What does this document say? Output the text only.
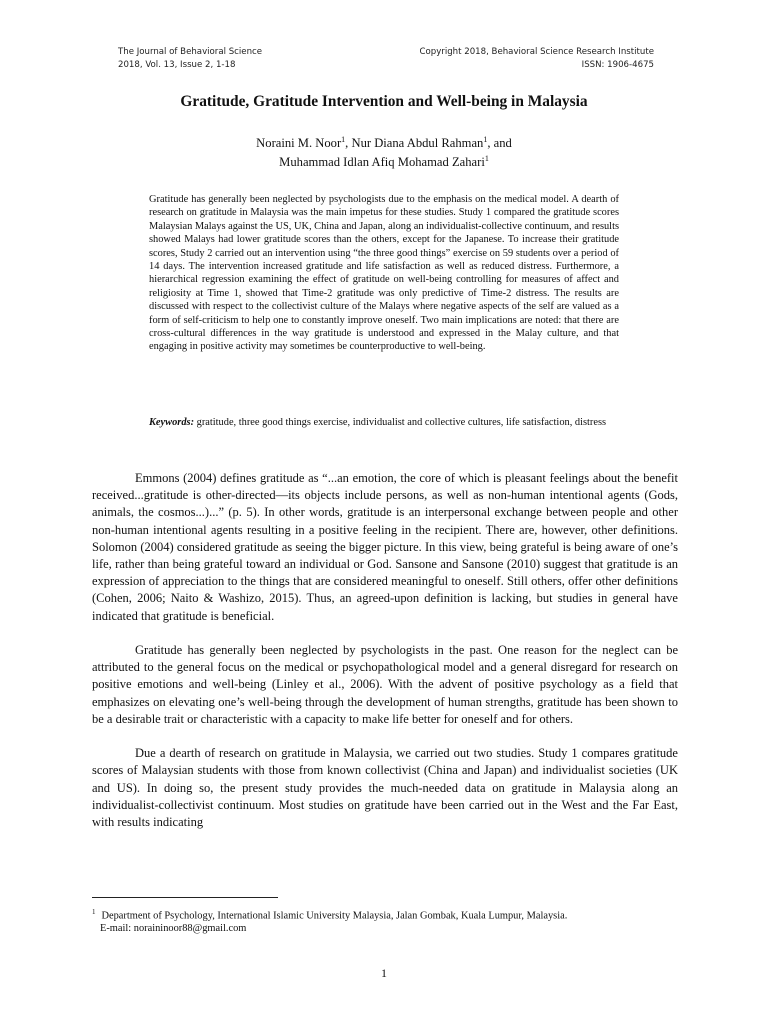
The Journal of Behavioral Science
2018, Vol. 13, Issue 2, 1-18
Copyright 2018, Behavioral Science Research Institute
ISSN: 1906-4675
Gratitude, Gratitude Intervention and Well-being in Malaysia
Noraini M. Noor$^1$, Nur Diana Abdul Rahman$^1$, and
Muhammad Idlan Afiq Mohamad Zahari$^1$

Gratitude has generally been neglected by psychologists due to the emphasis on the medical model. A dearth of research on gratitude in Malaysia was the main impetus for these studies. Study 1 compared the gratitude scores Malaysian Malays against the US, UK, China and Japan, along an individualist-collective continuum, and results showed Malays had lower gratitude scores than the others, except for the Japanese. To increase their gratitude scores, Study 2 carried out an intervention using “the three good things” exercise on 59 students over a period of 14 days. The intervention increased gratitude and life satisfaction as well as reduced distress. Furthermore, a hierarchical regression examining the effect of gratitude on well-being controlling for measures of affect and religiosity at Time 1, showed that Time-2 gratitude was only predictive of Time-2 distress. The results are discussed with respect to the collectivist culture of the Malays where negative aspects of the self are valued as a form of self-criticism to help one to constantly improve oneself. Two main implications are noted: that there are cross-cultural differences in the way gratitude is understood and expressed in the Malay culture, and that engaging in positive activity may sometimes be counterproductive to well-being.

Keywords: gratitude, three good things exercise, individualist and collective cultures, life satisfaction, distress

Emmons (2004) defines gratitude as “...an emotion, the core of which is pleasant feelings about the benefit received...gratitude is other-directed—its objects include persons, as well as non-human intentional agents (Gods, animals, the cosmos...)...” (p. 5). In other words, gratitude is an interpersonal exchange between people and other non-human intentional agents resulting in a positive feeling in the recipient. There are, however, other definitions. Solomon (2004) considered gratitude as seeing the bigger picture. In this view, being grateful is being aware of one’s life, rather than being grateful toward an individual or God. Sansone and Sansone (2010) suggest that gratitude is an expression of appreciation to the things that are considered meaningful to oneself. Still others, offer other definitions (Cohen, 2006; Naito & Washizo, 2015). Thus, an agreed-upon definition is lacking, but studies in general have indicated that gratitude is beneficial.

Gratitude has generally been neglected by psychologists in the past. One reason for the neglect can be attributed to the general focus on the medical or psychopathological model and a general disregard for research on positive emotions and well-being (Linley et al., 2006). With the advent of positive psychology as a field that emphasizes on elevating one’s well-being through the development of human strengths, gratitude has been shown to be a desirable trait or characteristic with a capacity to make life better for oneself and for others.

Due a dearth of research on gratitude in Malaysia, we carried out two studies. Study 1 compares gratitude scores of Malaysian students with those from known collectivist (China and Japan) and individualist societies (UK and US). In doing so, the present study provides the much-needed data on gratitude in Malaysia along an individualist-collectivist continuum. Most studies on gratitude have been carried out in the West and the Far East, with results indicating

$^1$ Department of Psychology, International Islamic University Malaysia, Jalan Gombak, Kuala Lumpur, Malaysia.
E-mail: noraininoor88@gmail.com
1
